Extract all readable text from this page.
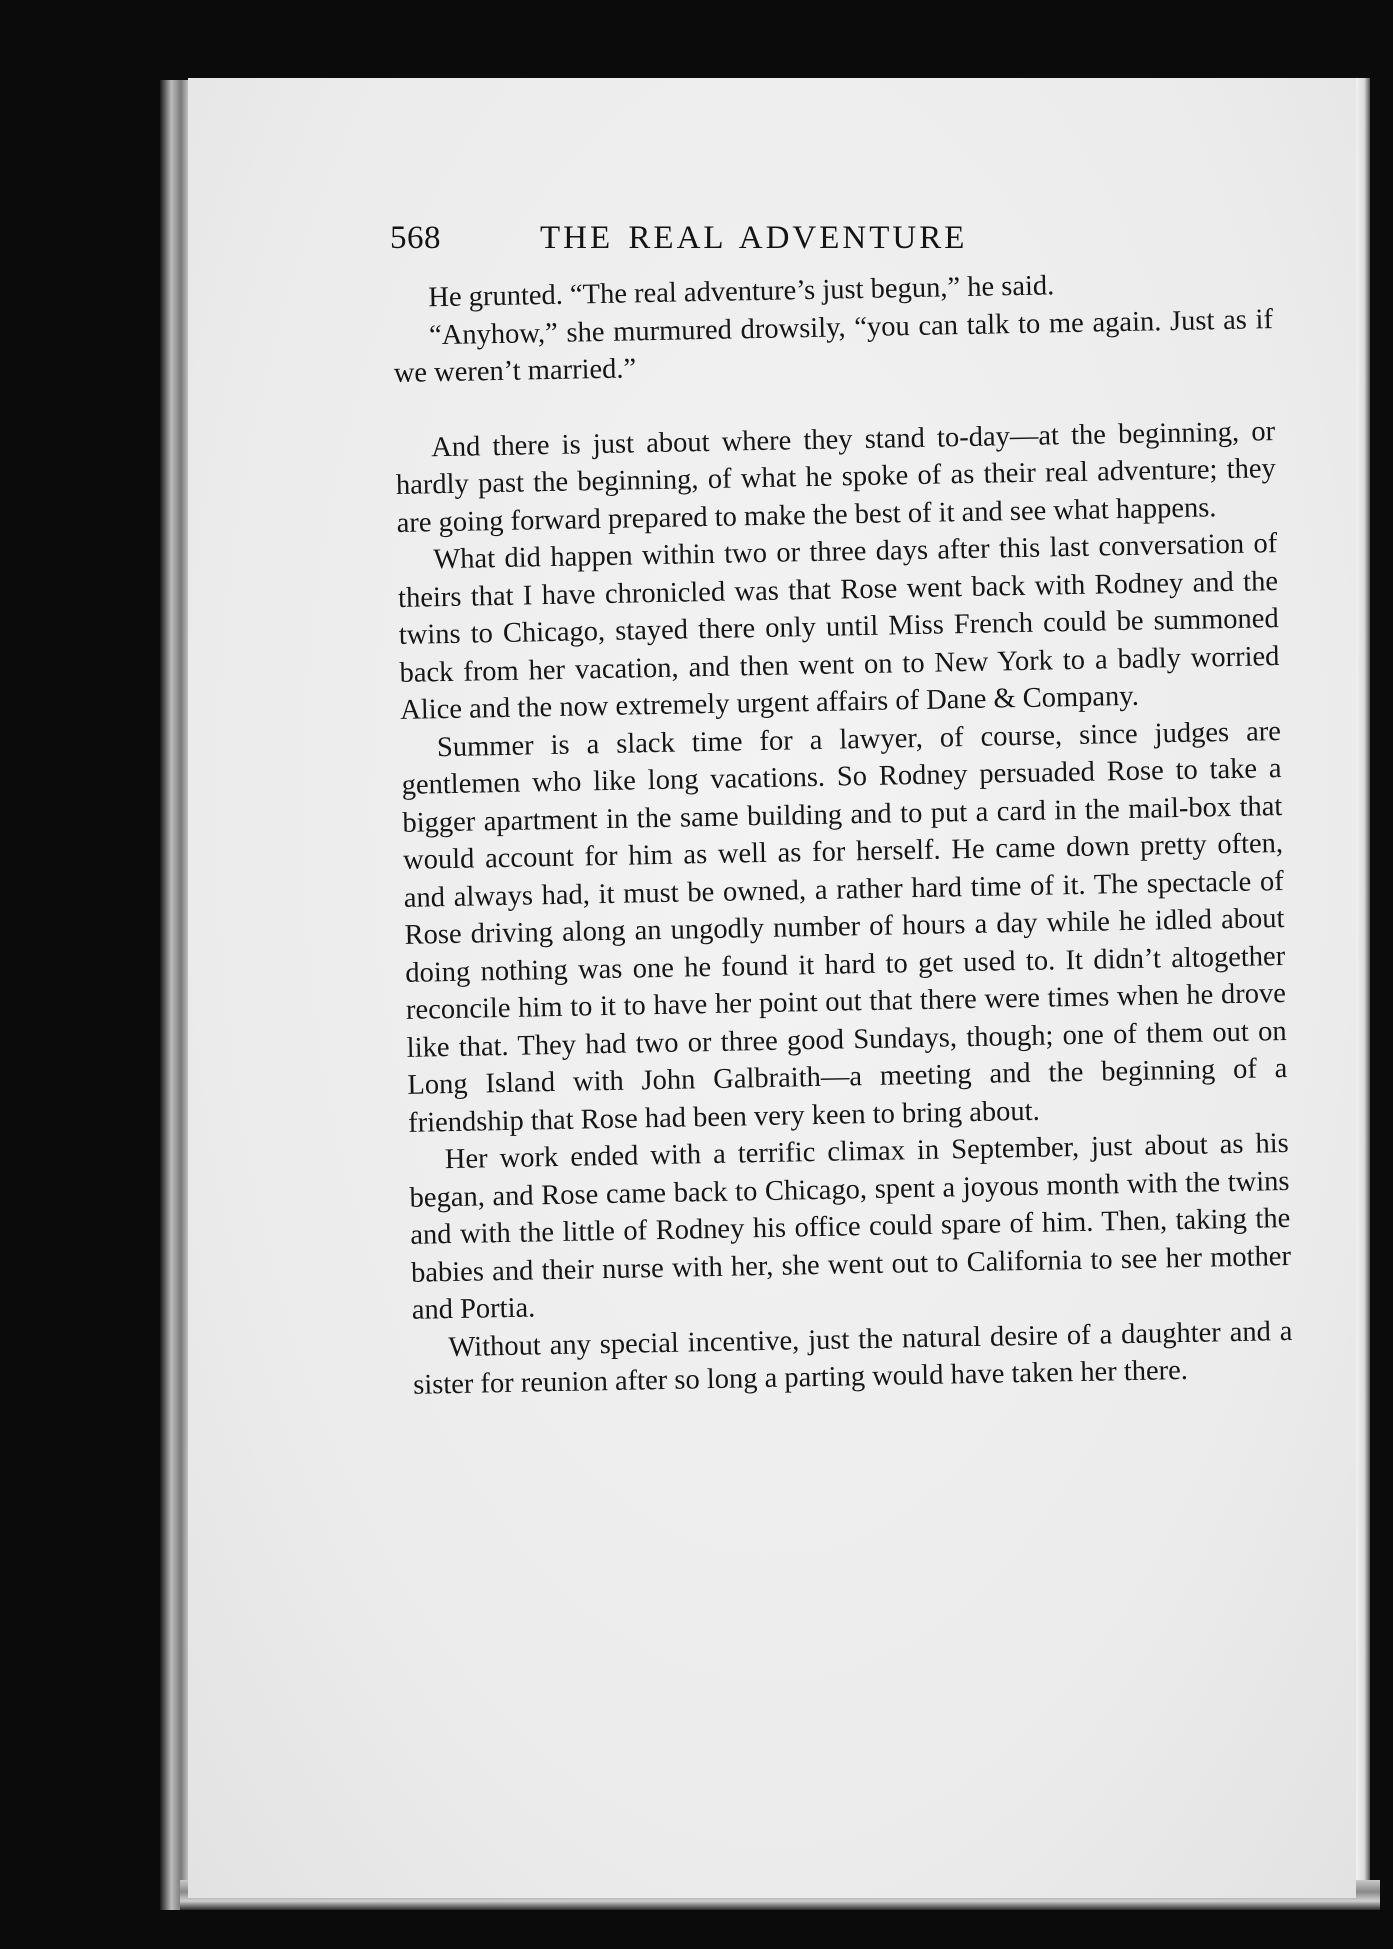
568	THE REAL ADVENTURE

He grunted. “The real adventure’s just begun,” he said.

“Anyhow,” she murmured drowsily, “you can talk to me again. Just as if we weren’t married.”

And there is just about where they stand to-day—at the beginning, or hardly past the beginning, of what he spoke of as their real adventure; they are going forward prepared to make the best of it and see what happens.

What did happen within two or three days after this last conversation of theirs that I have chronicled was that Rose went back with Rodney and the twins to Chicago, stayed there only until Miss French could be summoned back from her vacation, and then went on to New York to a badly worried Alice and the now extremely urgent affairs of Dane & Company.

Summer is a slack time for a lawyer, of course, since judges are gentlemen who like long vacations. So Rodney persuaded Rose to take a bigger apartment in the same building and to put a card in the mail-box that would account for him as well as for herself. He came down pretty often, and always had, it must be owned, a rather hard time of it. The spectacle of Rose driving along an ungodly number of hours a day while he idled about doing nothing was one he found it hard to get used to. It didn’t altogether reconcile him to it to have her point out that there were times when he drove like that. They had two or three good Sundays, though; one of them out on Long Island with John Galbraith—a meeting and the beginning of a friendship that Rose had been very keen to bring about.

Her work ended with a terrific climax in September, just about as his began, and Rose came back to Chicago, spent a joyous month with the twins and with the little of Rodney his office could spare of him. Then, taking the babies and their nurse with her, she went out to California to see her mother and Portia.

Without any special incentive, just the natural desire of a daughter and a sister for reunion after so long a parting would have taken her there.
